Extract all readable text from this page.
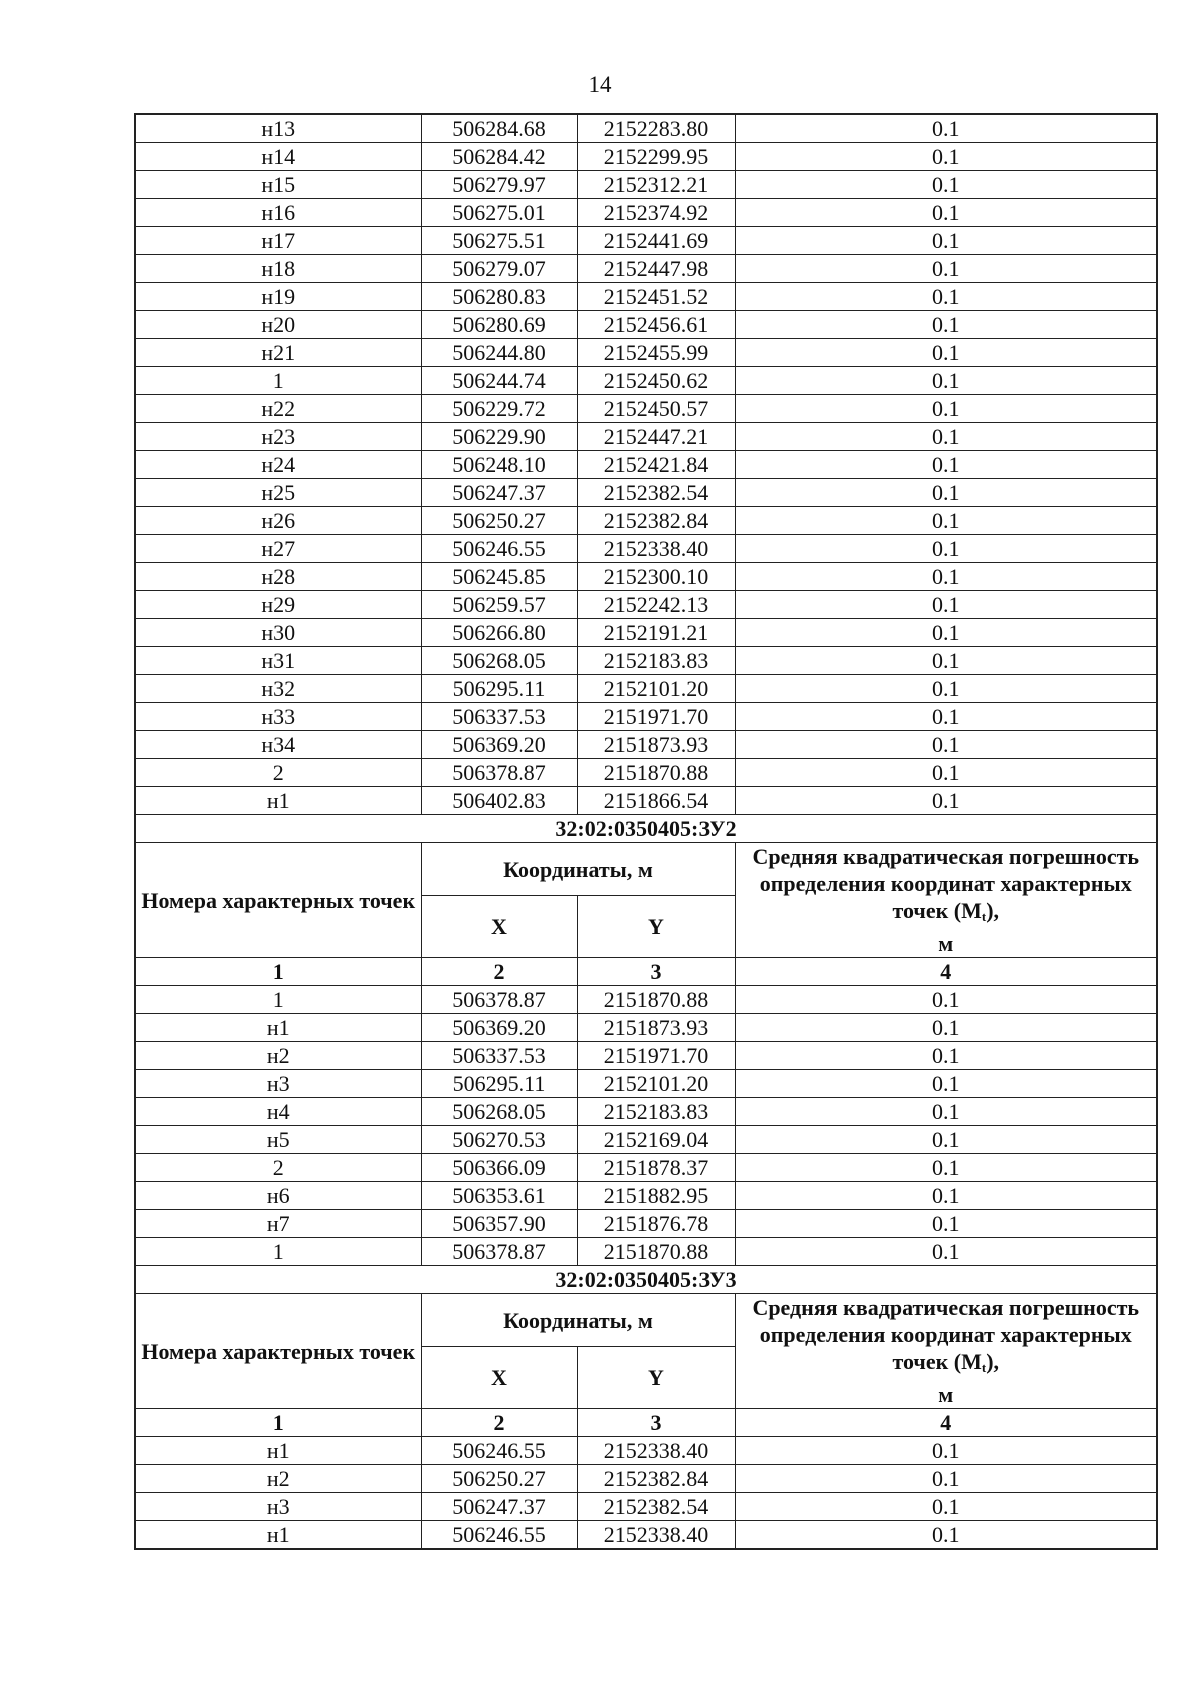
14
н13	506284.68	2152283.80	0.1
н14	506284.42	2152299.95	0.1
н15	506279.97	2152312.21	0.1
н16	506275.01	2152374.92	0.1
н17	506275.51	2152441.69	0.1
н18	506279.07	2152447.98	0.1
н19	506280.83	2152451.52	0.1
н20	506280.69	2152456.61	0.1
н21	506244.80	2152455.99	0.1
1	506244.74	2152450.62	0.1
н22	506229.72	2152450.57	0.1
н23	506229.90	2152447.21	0.1
н24	506248.10	2152421.84	0.1
н25	506247.37	2152382.54	0.1
н26	506250.27	2152382.84	0.1
н27	506246.55	2152338.40	0.1
н28	506245.85	2152300.10	0.1
н29	506259.57	2152242.13	0.1
н30	506266.80	2152191.21	0.1
н31	506268.05	2152183.83	0.1
н32	506295.11	2152101.20	0.1
н33	506337.53	2151971.70	0.1
н34	506369.20	2151873.93	0.1
2	506378.87	2151870.88	0.1
н1	506402.83	2151866.54	0.1
32:02:0350405:ЗУ2			
Номера характерных точек	Координаты, м		Средняя квадратическая погрешность определения координат характерных точек $(M_t)$,
м
	X	Y	
1	2	3	4
1	506378.87	2151870.88	0.1
н1	506369.20	2151873.93	0.1
н2	506337.53	2151971.70	0.1
н3	506295.11	2152101.20	0.1
н4	506268.05	2152183.83	0.1
н5	506270.53	2152169.04	0.1
2	506366.09	2151878.37	0.1
н6	506353.61	2151882.95	0.1
н7	506357.90	2151876.78	0.1
1	506378.87	2151870.88	0.1
32:02:0350405:ЗУ3			
Номера характерных точек	Координаты, м		Средняя квадратическая погрешность определения координат характерных точек $(M_t)$,
м
	X	Y	
1	2	3	4
н1	506246.55	2152338.40	0.1
н2	506250.27	2152382.84	0.1
н3	506247.37	2152382.54	0.1
н1	506246.55	2152338.40	0.1
